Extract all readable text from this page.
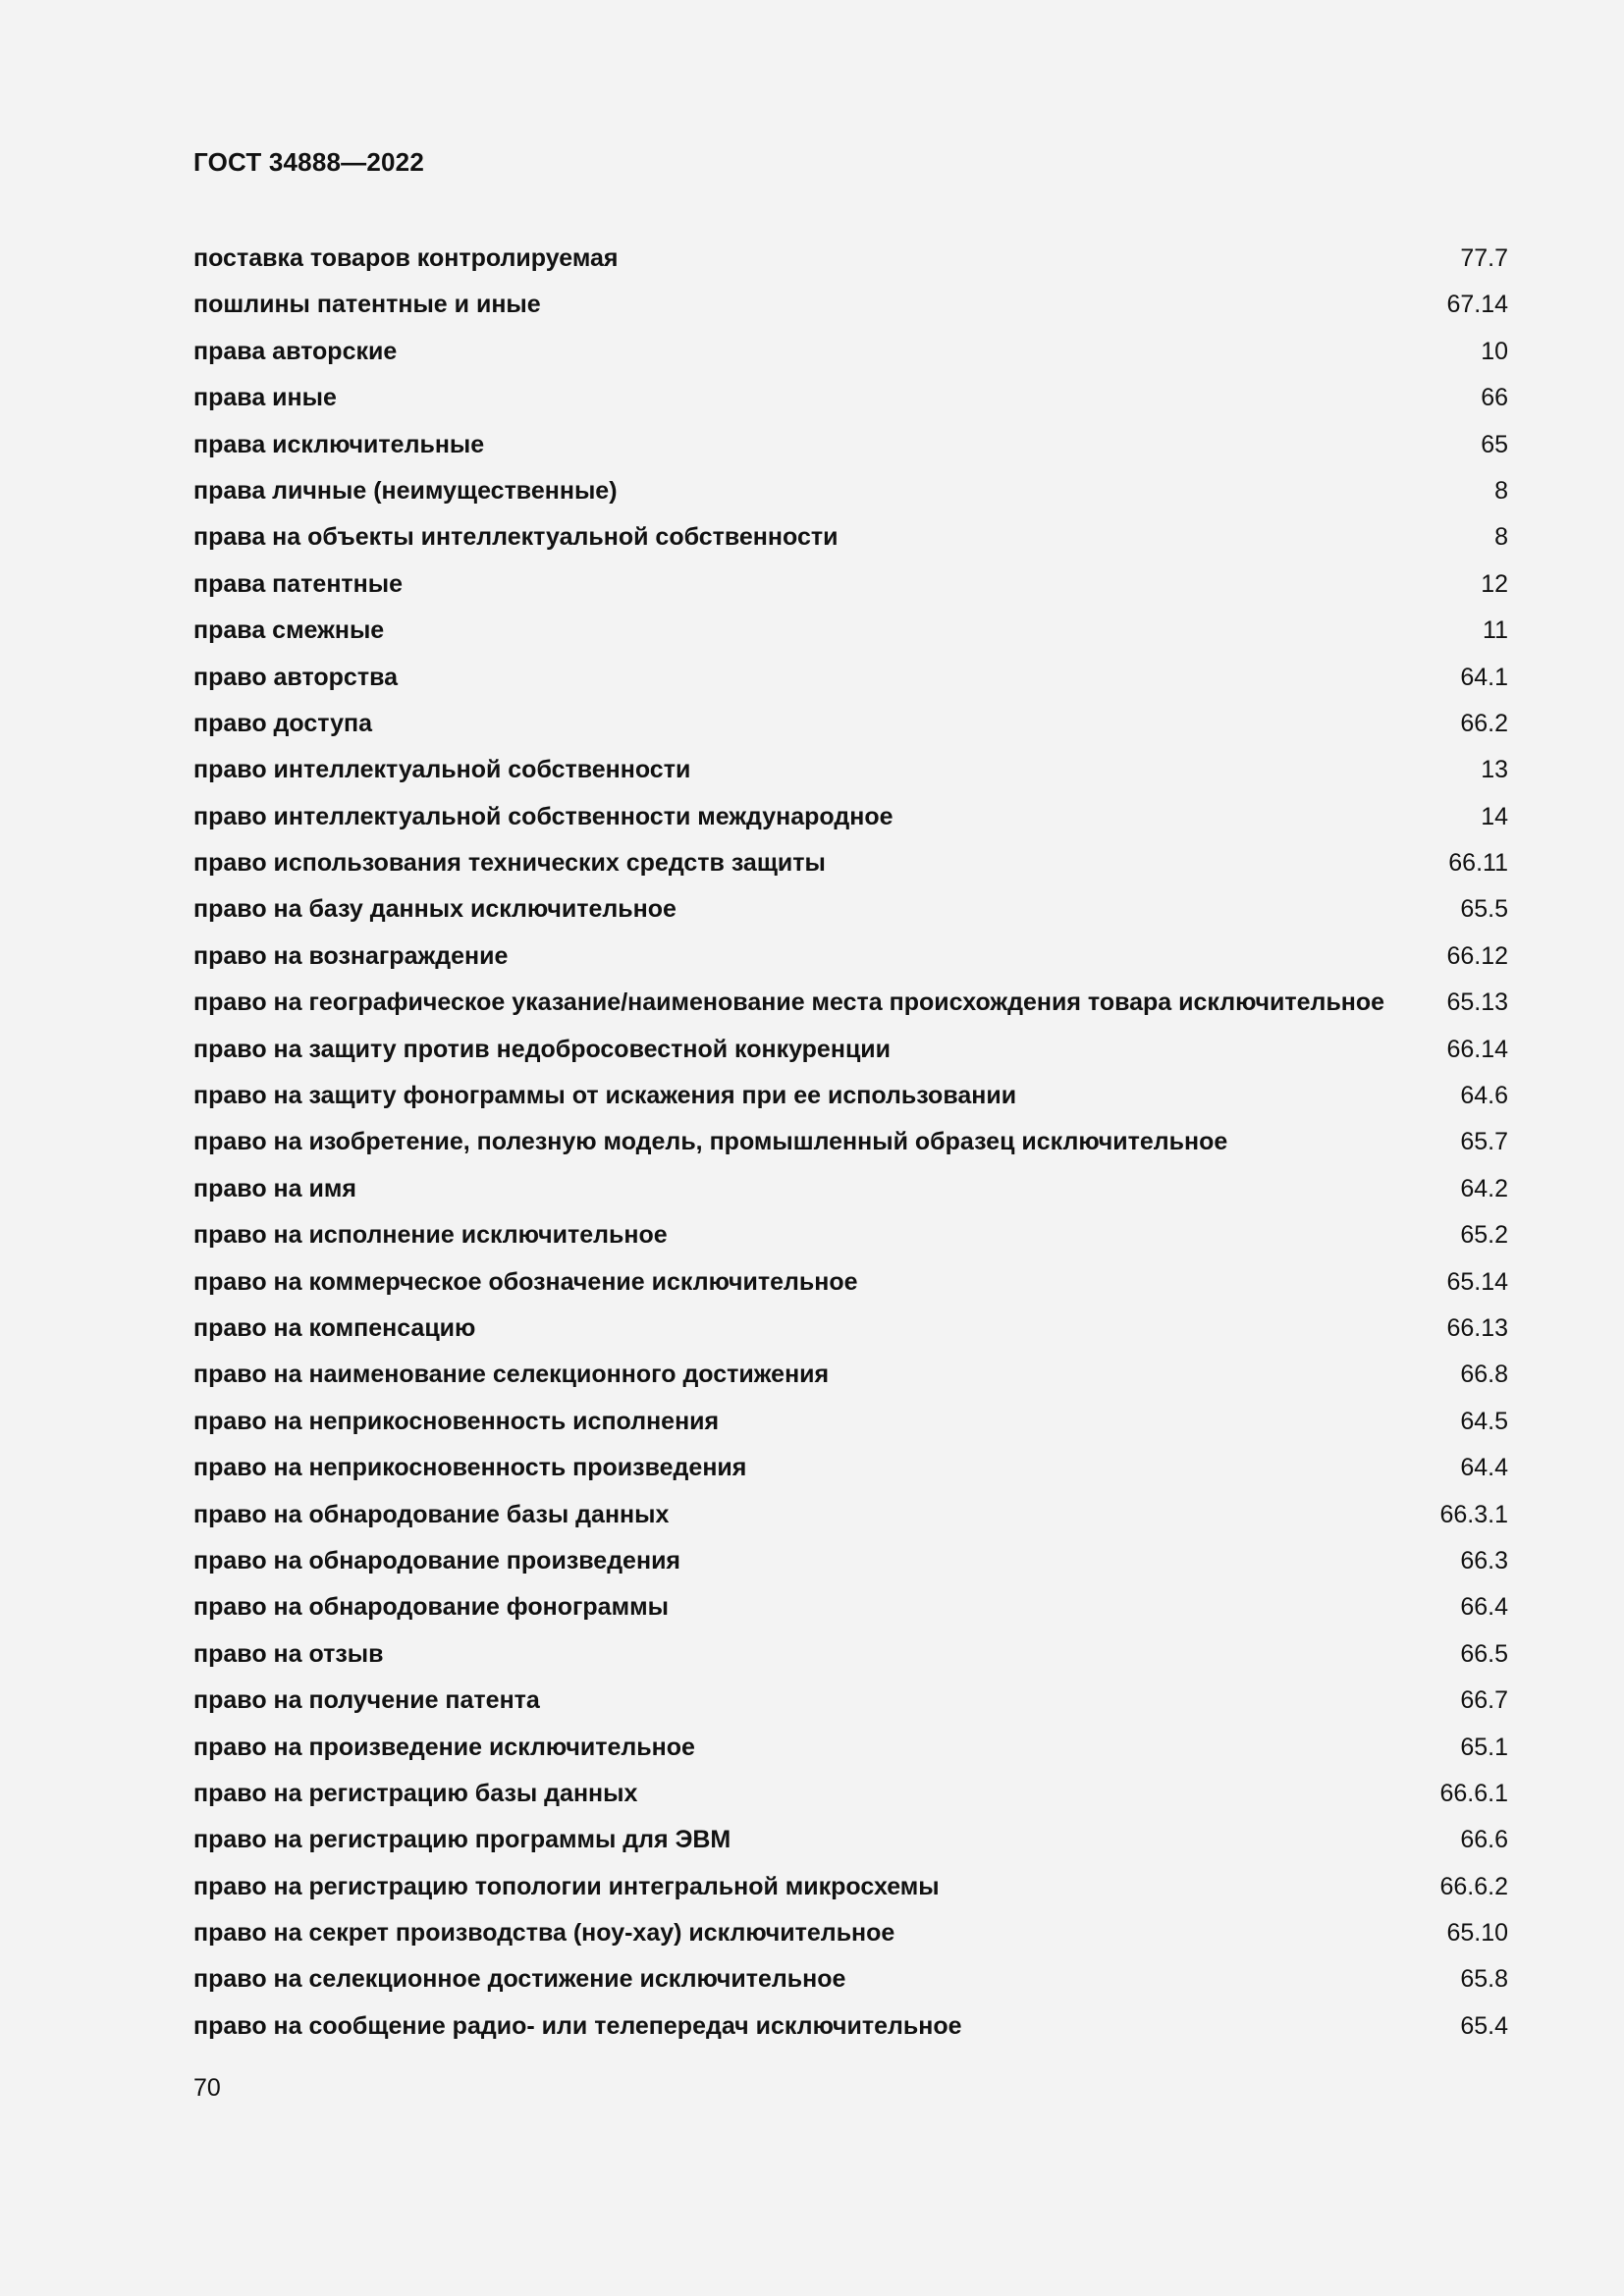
ГОСТ 34888—2022
поставка товаров контролируемая	77.7
пошлины патентные и иные	67.14
права авторские	10
права иные	66
права исключительные	65
права личные (неимущественные)	8
права на объекты интеллектуальной собственности	8
права патентные	12
права смежные	11
право авторства	64.1
право доступа	66.2
право интеллектуальной собственности	13
право интеллектуальной собственности международное	14
право использования технических средств защиты	66.11
право на базу данных исключительное	65.5
право на вознаграждение	66.12
право на географическое указание/наименование места происхождения товара исключительное	65.13
право на защиту против недобросовестной конкуренции	66.14
право на защиту фонограммы от искажения при ее использовании	64.6
право на изобретение, полезную модель, промышленный образец исключительное	65.7
право на имя	64.2
право на исполнение исключительное	65.2
право на коммерческое обозначение исключительное	65.14
право на компенсацию	66.13
право на наименование селекционного достижения	66.8
право на неприкосновенность исполнения	64.5
право на неприкосновенность произведения	64.4
право на обнародование базы данных	66.3.1
право на обнародование произведения	66.3
право на обнародование фонограммы	66.4
право на отзыв	66.5
право на получение патента	66.7
право на произведение исключительное	65.1
право на регистрацию базы данных	66.6.1
право на регистрацию программы для ЭВМ	66.6
право на регистрацию топологии интегральной микросхемы	66.6.2
право на секрет производства (ноу-хау) исключительное	65.10
право на селекционное достижение исключительное	65.8
право на сообщение радио- или телепередач исключительное	65.4
70
